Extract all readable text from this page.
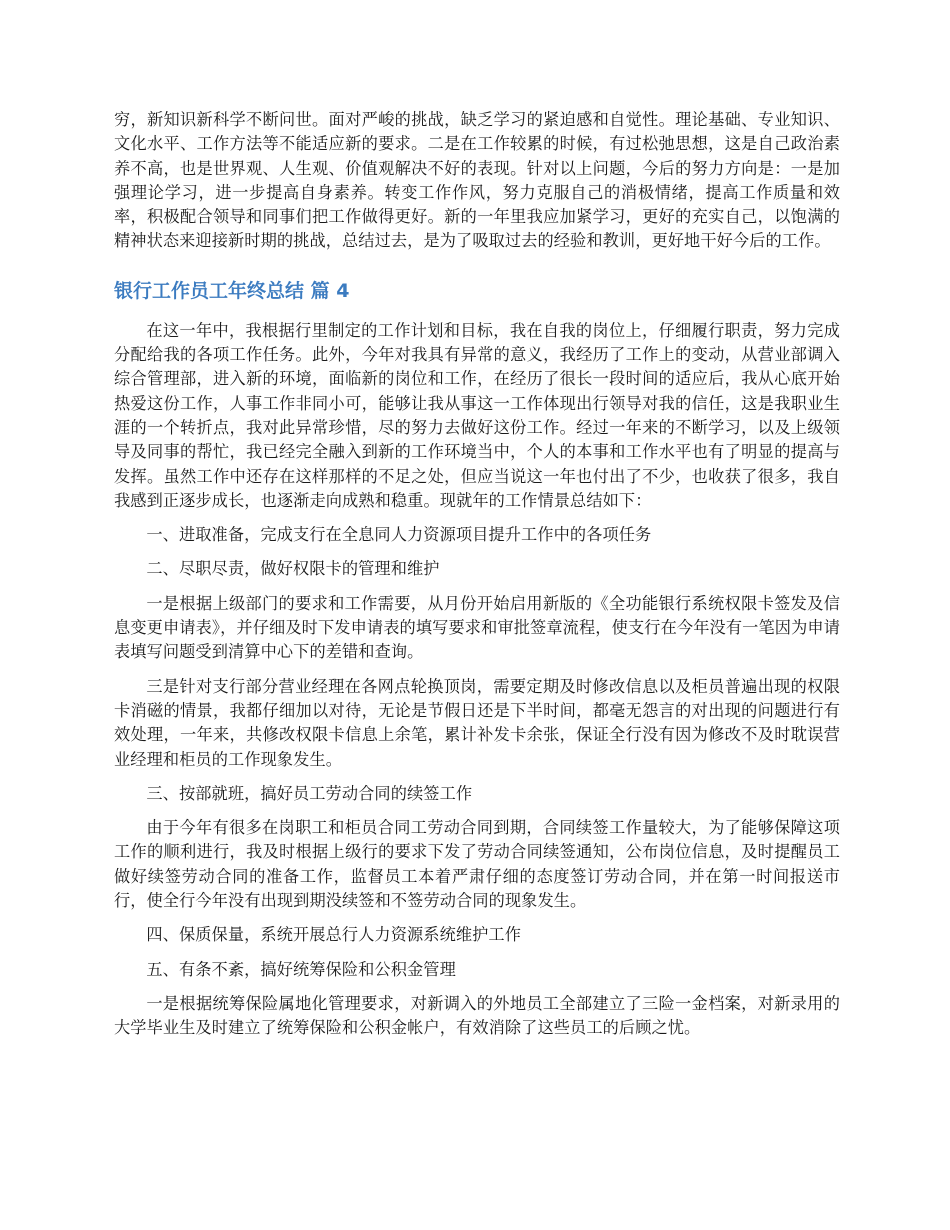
穷，新知识新科学不断问世。面对严峻的挑战，缺乏学习的紧迫感和自觉性。理论基础、专业知识、文化水平、工作方法等不能适应新的要求。二是在工作较累的时候，有过松弛思想，这是自己政治素养不高，也是世界观、人生观、价值观解决不好的表现。针对以上问题，今后的努力方向是：一是加强理论学习，进一步提高自身素养。转变工作作风，努力克服自己的消极情绪，提高工作质量和效率，积极配合领导和同事们把工作做得更好。新的一年里我应加紧学习，更好的充实自己，以饱满的精神状态来迎接新时期的挑战，总结过去，是为了吸取过去的经验和教训，更好地干好今后的工作。

银行工作员工年终总结 篇 4

在这一年中，我根据行里制定的工作计划和目标，我在自我的岗位上，仔细履行职责，努力完成分配给我的各项工作任务。此外，今年对我具有异常的意义，我经历了工作上的变动，从营业部调入综合管理部，进入新的环境，面临新的岗位和工作，在经历了很长一段时间的适应后，我从心底开始热爱这份工作，人事工作非同小可，能够让我从事这一工作体现出行领导对我的信任，这是我职业生涯的一个转折点，我对此异常珍惜，尽的努力去做好这份工作。经过一年来的不断学习，以及上级领导及同事的帮忙，我已经完全融入到新的工作环境当中，个人的本事和工作水平也有了明显的提高与发挥。虽然工作中还存在这样那样的不足之处，但应当说这一年也付出了不少，也收获了很多，我自我感到正逐步成长，也逐渐走向成熟和稳重。现就年的工作情景总结如下：

一、进取准备，完成支行在全息同人力资源项目提升工作中的各项任务

二、尽职尽责，做好权限卡的管理和维护

一是根据上级部门的要求和工作需要，从月份开始启用新版的《全功能银行系统权限卡签发及信息变更申请表》，并仔细及时下发申请表的填写要求和审批签章流程，使支行在今年没有一笔因为申请表填写问题受到清算中心下的差错和查询。

三是针对支行部分营业经理在各网点轮换顶岗，需要定期及时修改信息以及柜员普遍出现的权限卡消磁的情景，我都仔细加以对待，无论是节假日还是下半时间，都毫无怨言的对出现的问题进行有效处理，一年来，共修改权限卡信息上余笔，累计补发卡余张，保证全行没有因为修改不及时耽误营业经理和柜员的工作现象发生。

三、按部就班，搞好员工劳动合同的续签工作

由于今年有很多在岗职工和柜员合同工劳动合同到期，合同续签工作量较大，为了能够保障这项工作的顺利进行，我及时根据上级行的要求下发了劳动合同续签通知，公布岗位信息，及时提醒员工做好续签劳动合同的准备工作，监督员工本着严肃仔细的态度签订劳动合同，并在第一时间报送市行，使全行今年没有出现到期没续签和不签劳动合同的现象发生。

四、保质保量，系统开展总行人力资源系统维护工作

五、有条不紊，搞好统筹保险和公积金管理

一是根据统筹保险属地化管理要求，对新调入的外地员工全部建立了三险一金档案，对新录用的大学毕业生及时建立了统筹保险和公积金帐户，有效消除了这些员工的后顾之忧。
